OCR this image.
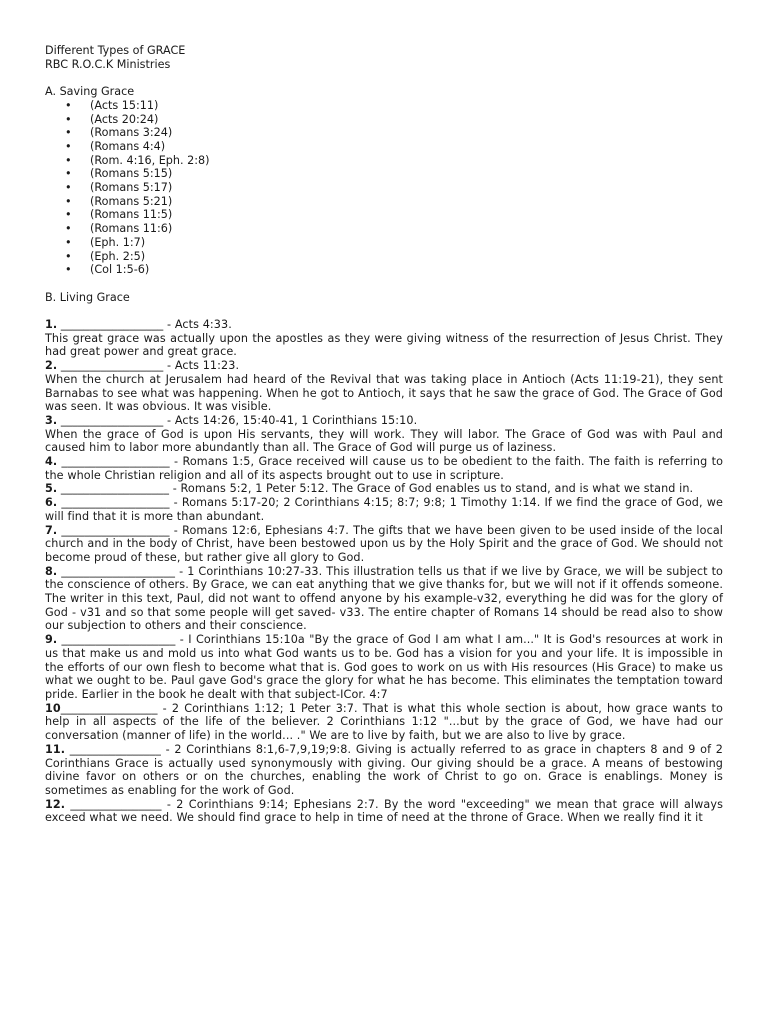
Different Types of GRACE
RBC R.O.C.K Ministries
A. Saving Grace
• (Acts 15:11)
• (Acts 20:24)
• (Romans 3:24)
• (Romans 4:4)
• (Rom. 4:16, Eph. 2:8)
• (Romans 5:15)
• (Romans 5:17)
• (Romans 5:21)
• (Romans 11:5)
• (Romans 11:6)
• (Eph. 1:7)
• (Eph. 2:5)
• (Col 1:5-6)
B. Living Grace
1. __________________ - Acts 4:33.
This great grace was actually upon the apostles as they were giving witness of the resurrection of Jesus Christ. They had great power and great grace.
2. __________________ - Acts 11:23.
When the church at Jerusalem had heard of the Revival that was taking place in Antioch (Acts 11:19-21), they sent Barnabas to see what was happening. When he got to Antioch, it says that he saw the grace of God. The Grace of God was seen. It was obvious. It was visible.
3. __________________ - Acts 14:26, 15:40-41, 1 Corinthians 15:10.
When the grace of God is upon His servants, they will work. They will labor. The Grace of God was with Paul and caused him to labor more abundantly than all. The Grace of God will purge us of laziness.
4. ___________________ - Romans 1:5, Grace received will cause us to be obedient to the faith. The faith is referring to the whole Christian religion and all of its aspects brought out to use in scripture.
5. ___________________ - Romans 5:2, 1 Peter 5:12. The Grace of God enables us to stand, and is what we stand in.
6. ___________________ - Romans 5:17-20; 2 Corinthians 4:15; 8:7; 9:8; 1 Timothy 1:14. If we find the grace of God, we will find that it is more than abundant.
7. ___________________ - Romans 12:6, Ephesians 4:7. The gifts that we have been given to be used inside of the local church and in the body of Christ, have been bestowed upon us by the Holy Spirit and the grace of God. We should not become proud of these, but rather give all glory to God.
8. ____________________ - 1 Corinthians 10:27-33. This illustration tells us that if we live by Grace, we will be subject to the conscience of others. By Grace, we can eat anything that we give thanks for, but we will not if it offends someone. The writer in this text, Paul, did not want to offend anyone by his example-v32, everything he did was for the glory of God - v31 and so that some people will get saved- v33. The entire chapter of Romans 14 should be read also to show our subjection to others and their conscience.
9. ____________________ - I Corinthians 15:10a "By the grace of God I am what I am..." It is God's resources at work in us that make us and mold us into what God wants us to be. God has a vision for you and your life. It is impossible in the efforts of our own flesh to become what that is. God goes to work on us with His resources (His Grace) to make us what we ought to be. Paul gave God's grace the glory for what he has become. This eliminates the temptation toward pride. Earlier in the book he dealt with that subject-ICor. 4:7
10_________________ - 2 Corinthians 1:12; 1 Peter 3:7. That is what this whole section is about, how grace wants to help in all aspects of the life of the believer. 2 Corinthians 1:12 "...but by the grace of God, we have had our conversation (manner of life) in the world... ." We are to live by faith, but we are also to live by grace.
11. ________________ - 2 Corinthians 8:1,6-7,9,19;9:8. Giving is actually referred to as grace in chapters 8 and 9 of 2 Corinthians Grace is actually used synonymously with giving. Our giving should be a grace. A means of bestowing divine favor on others or on the churches, enabling the work of Christ to go on. Grace is enablings. Money is sometimes as enabling for the work of God.
12. ________________ - 2 Corinthians 9:14; Ephesians 2:7. By the word "exceeding" we mean that grace will always exceed what we need. We should find grace to help in time of need at the throne of Grace. When we really find it it
